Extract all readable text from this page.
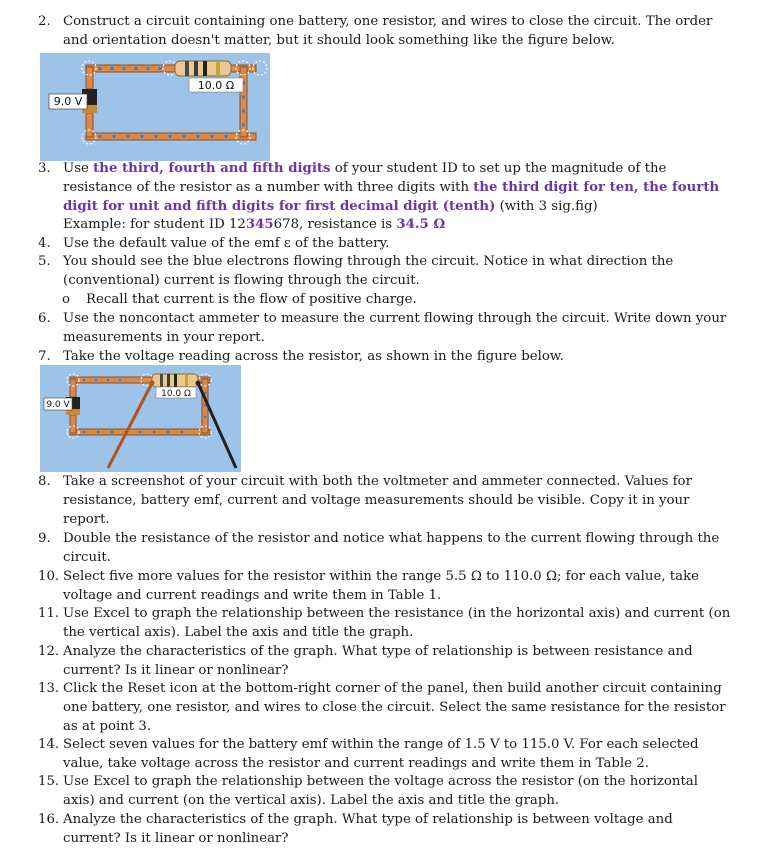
2. Construct a circuit containing one battery, one resistor, and wires to close the circuit. The order and orientation doesn't matter, but it should look something like the figure below.
10.0 Ω
9.0 V
3. Use the third, fourth and fifth digits of your student ID to set up the magnitude of the resistance of the resistor as a number with three digits with the third digit for ten, the fourth digit for unit and fifth digits for first decimal digit (tenth) (with 3 sig.fig)
Example: for student ID 12345678, resistance is 34.5 Ω
4. Use the default value of the emf ε of the battery.
5. You should see the blue electrons flowing through the circuit. Notice in what direction the (conventional) current is flowing through the circuit.
o Recall that current is the flow of positive charge.
6. Use the noncontact ammeter to measure the current flowing through the circuit. Write down your measurements in your report.
7. Take the voltage reading across the resistor, as shown in the figure below.
10.0 Ω
9.0 V
8. Take a screenshot of your circuit with both the voltmeter and ammeter connected. Values for resistance, battery emf, current and voltage measurements should be visible. Copy it in your report.
9. Double the resistance of the resistor and notice what happens to the current flowing through the circuit.
10. Select five more values for the resistor within the range 5.5 Ω to 110.0 Ω; for each value, take voltage and current readings and write them in Table 1.
11. Use Excel to graph the relationship between the resistance (in the horizontal axis) and current (on the vertical axis). Label the axis and title the graph.
12. Analyze the characteristics of the graph. What type of relationship is between resistance and current? Is it linear or nonlinear?
13. Click the Reset icon at the bottom-right corner of the panel, then build another circuit containing one battery, one resistor, and wires to close the circuit. Select the same resistance for the resistor as at point 3.
14. Select seven values for the battery emf within the range of 1.5 V to 115.0 V. For each selected value, take voltage across the resistor and current readings and write them in Table 2.
15. Use Excel to graph the relationship between the voltage across the resistor (on the horizontal axis) and current (on the vertical axis). Label the axis and title the graph.
16. Analyze the characteristics of the graph. What type of relationship is between voltage and current? Is it linear or nonlinear?
